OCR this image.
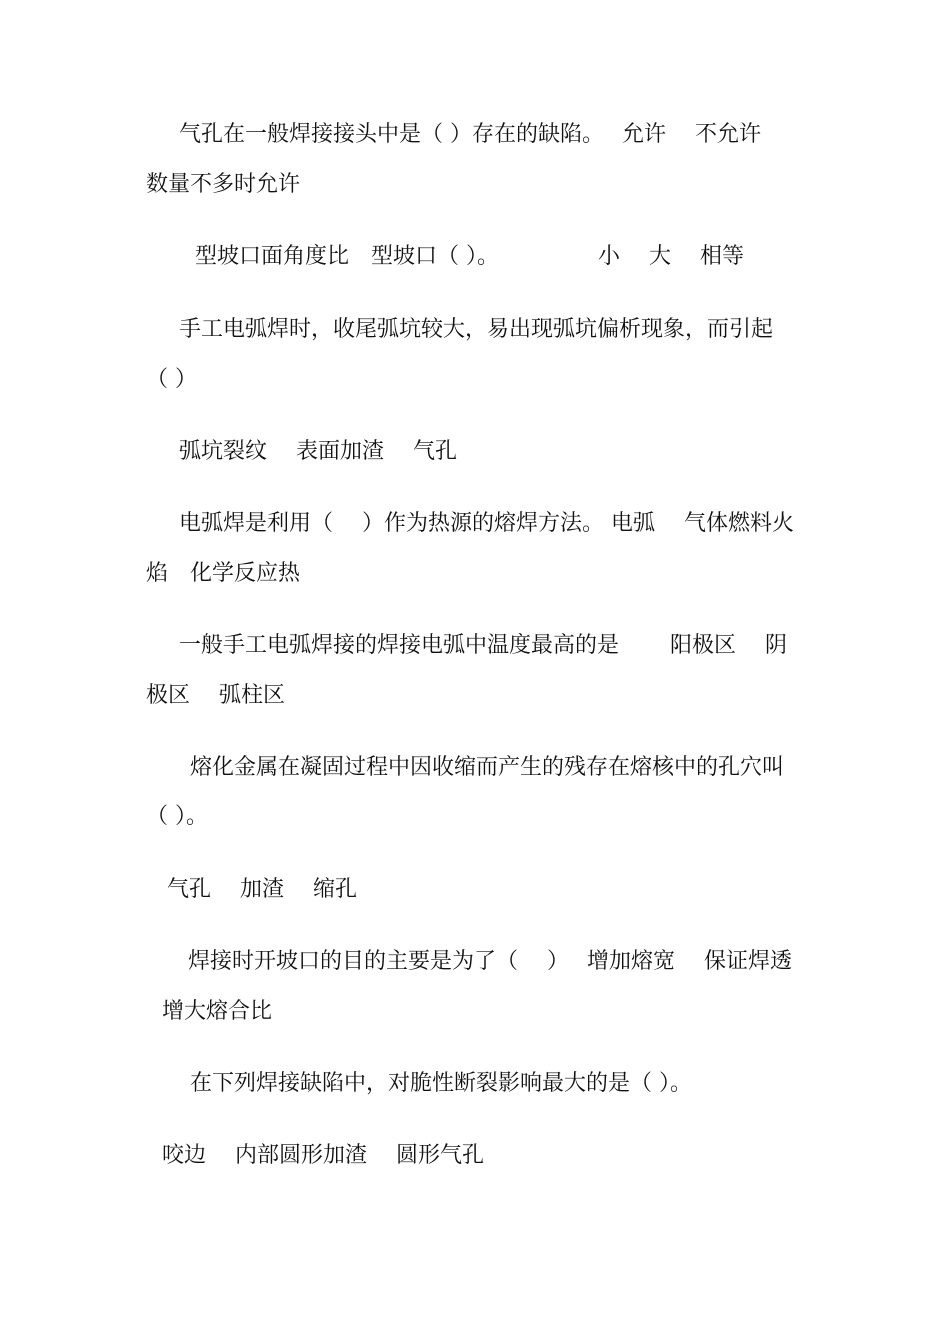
气孔在一般焊接接头中是（ ）存在的缺陷。　 允许　 不允许
数量不多时允许
型坡口面角度比　型坡口（ ）。　　　　　小　 大　 相等
手工电弧焊时，收尾弧坑较大，易出现弧坑偏析现象，而引起
（ ）
弧坑裂纹　 表面加渣　 气孔
电弧焊是利用（　 ）作为热源的熔焊方法。 电弧　 气体燃料火
焰　化学反应热
一般手工电弧焊接的焊接电弧中温度最高的是　　 阳极区　 阴
极区　 弧柱区
熔化金属在凝固过程中因收缩而产生的残存在熔核中的孔穴叫
（ ）。
气孔　 加渣　 缩孔
焊接时开坡口的目的主要是为了（　 ）　 增加熔宽　 保证焊透
增大熔合比
在下列焊接缺陷中，对脆性断裂影响最大的是（ ）。
咬边　 内部圆形加渣　 圆形气孔
